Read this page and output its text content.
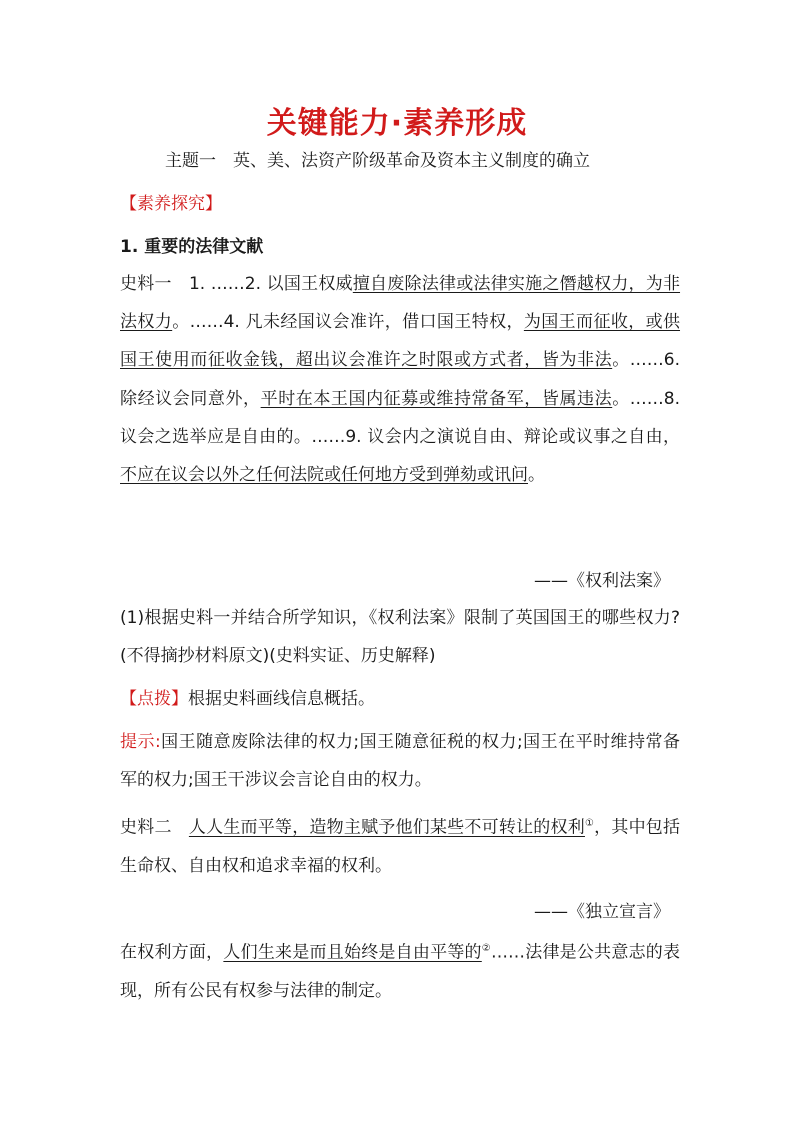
关键能力·素养形成
主题一　英、美、法资产阶级革命及资本主义制度的确立
【素养探究】
1. 重要的法律文献
史料一　1. ……2. 以国王权威擅自废除法律或法律实施之僭越权力，为非法权力。……4. 凡未经国议会准许，借口国王特权，为国王而征收，或供国王使用而征收金钱，超出议会准许之时限或方式者，皆为非法。……6. 除经议会同意外，平时在本王国内征募或维持常备军，皆属违法。……8. 议会之选举应是自由的。……9. 议会内之演说自由、辩论或议事之自由，不应在议会以外之任何法院或任何地方受到弹劾或讯问。
——《权利法案》
(1)根据史料一并结合所学知识，《权利法案》限制了英国国王的哪些权力?(不得摘抄材料原文)(史料实证、历史解释)
【点拨】根据史料画线信息概括。
提示:国王随意废除法律的权力;国王随意征税的权力;国王在平时维持常备军的权力;国王干涉议会言论自由的权力。
史料二　人人生而平等，造物主赋予他们某些不可转让的权利①，其中包括生命权、自由权和追求幸福的权利。
——《独立宣言》
在权利方面，人们生来是而且始终是自由平等的②……法律是公共意志的表现，所有公民有权参与法律的制定。
